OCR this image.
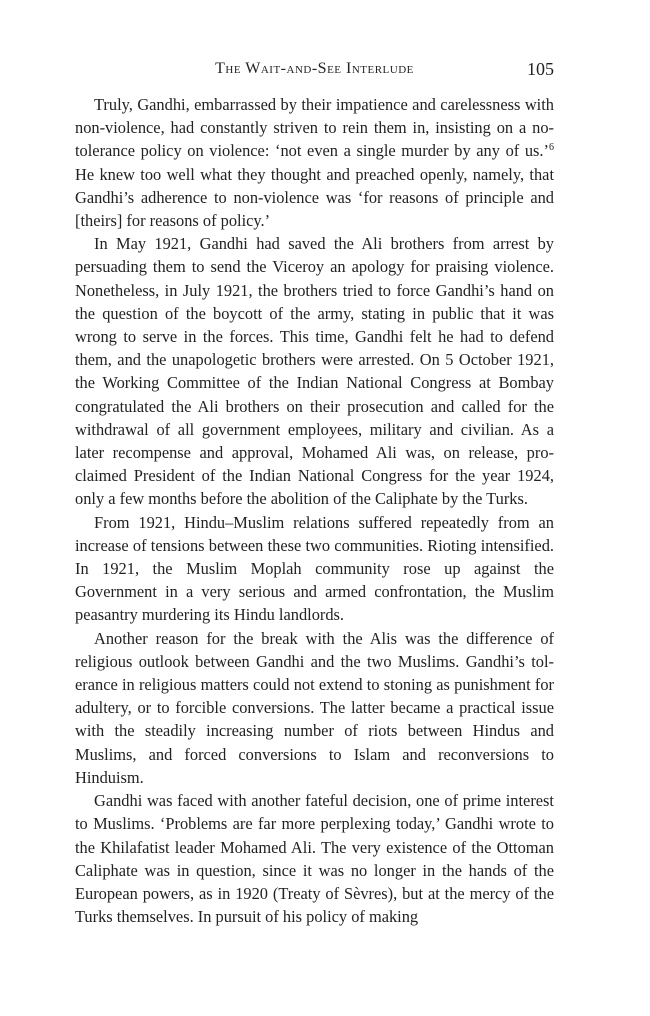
The Wait-and-See Interlude	105

Truly, Gandhi, embarrassed by their impatience and carelessness with non-violence, had constantly striven to rein them in, insisting on a no-tolerance policy on violence: ‘not even a single murder by any of us.’$^6$ He knew too well what they thought and preached openly, namely, that Gandhi’s adherence to non-violence was ‘for reasons of principle and [theirs] for reasons of policy.’

In May 1921, Gandhi had saved the Ali brothers from arrest by persuading them to send the Viceroy an apology for praising violence. Nonetheless, in July 1921, the brothers tried to force Gandhi’s hand on the question of the boycott of the army, stating in public that it was wrong to serve in the forces. This time, Gandhi felt he had to defend them, and the unapologetic brothers were arrested. On 5 October 1921, the Working Committee of the Indian National Congress at Bombay congratulated the Ali brothers on their prosecution and called for the withdrawal of all government employees, military and civilian. As a later recompense and approval, Mohamed Ali was, on release, proclaimed President of the Indian National Congress for the year 1924, only a few months before the abolition of the Caliphate by the Turks.

From 1921, Hindu–Muslim relations suffered repeatedly from an increase of tensions between these two communities. Rioting intensified. In 1921, the Muslim Moplah community rose up against the Government in a very serious and armed confrontation, the Muslim peasantry murdering its Hindu landlords.

Another reason for the break with the Alis was the difference of religious outlook between Gandhi and the two Muslims. Gandhi’s tolerance in religious matters could not extend to stoning as punishment for adultery, or to forcible conversions. The latter became a practical issue with the steadily increasing number of riots between Hindus and Muslims, and forced conversions to Islam and reconversions to Hinduism.

Gandhi was faced with another fateful decision, one of prime interest to Muslims. ‘Problems are far more perplexing today,’ Gandhi wrote to the Khilafatist leader Mohamed Ali. The very existence of the Ottoman Caliphate was in question, since it was no longer in the hands of the European powers, as in 1920 (Treaty of Sèvres), but at the mercy of the Turks themselves. In pursuit of his policy of making
